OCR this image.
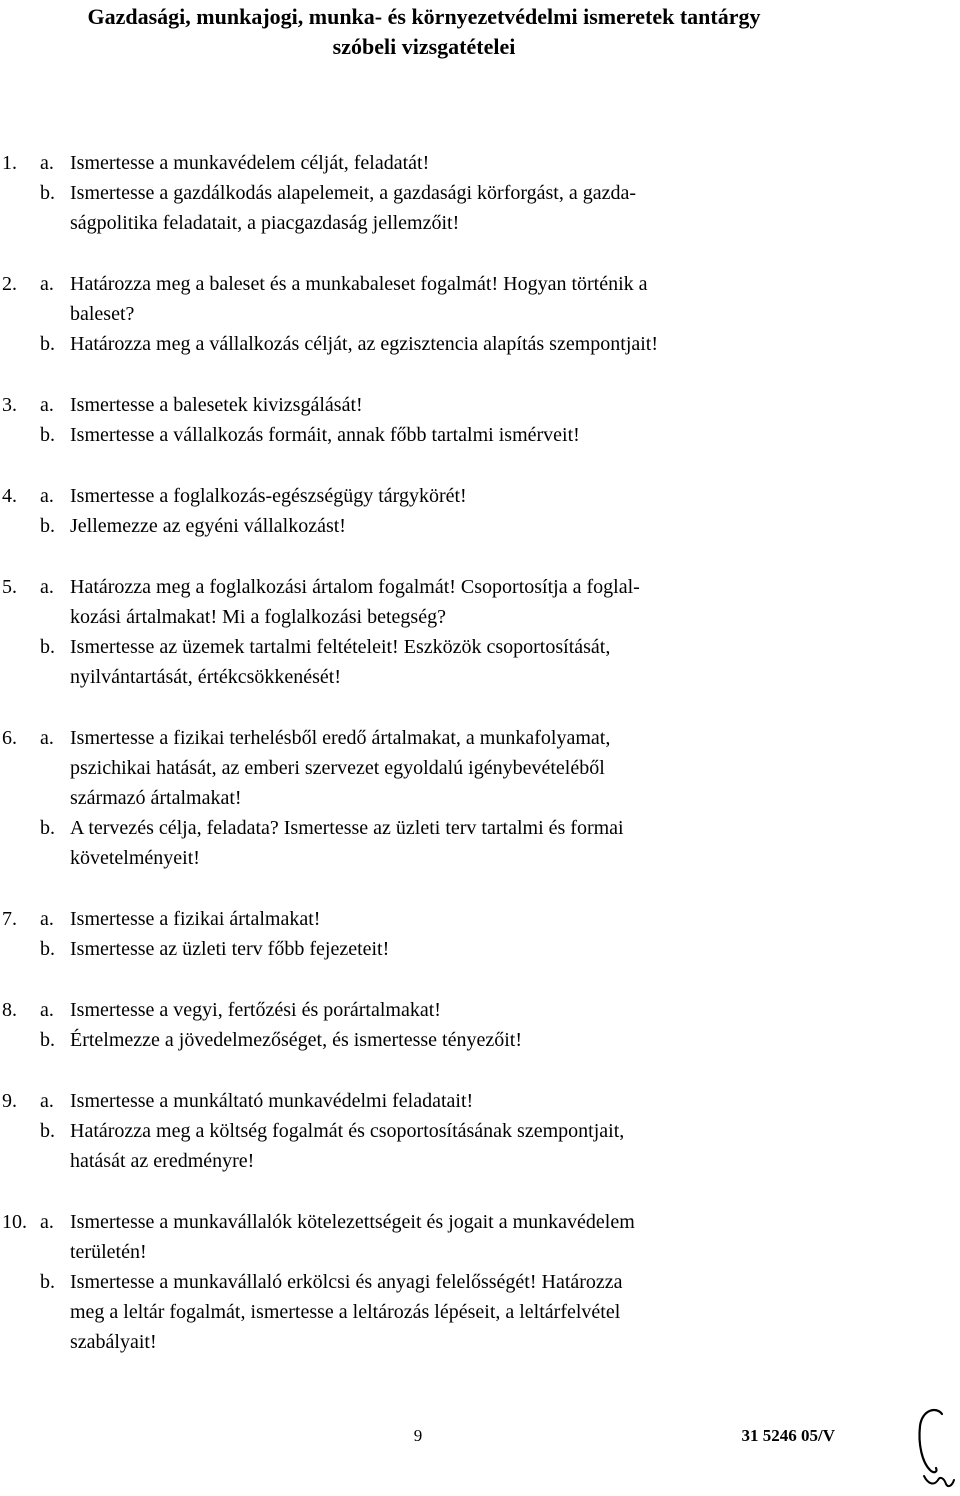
Gazdasági, munkajogi, munka- és környezetvédelmi ismeretek tantárgy
szóbeli vizsgatételei
1. a. Ismertesse a munkavédelem célját, feladatát!
b. Ismertesse a gazdálkodás alapelemeit, a gazdasági körforgást, a gazda-
ságpolitika feladatait, a piacgazdaság jellemzőit!
2. a. Határozza meg a baleset és a munkabaleset fogalmát! Hogyan történik a
baleset?
b. Határozza meg a vállalkozás célját, az egzisztencia alapítás szempontjait!
3. a. Ismertesse a balesetek kivizsgálását!
b. Ismertesse a vállalkozás formáit, annak főbb tartalmi ismérveit!
4. a. Ismertesse a foglalkozás-egészségügy tárgykörét!
b. Jellemezze az egyéni vállalkozást!
5. a. Határozza meg a foglalkozási ártalom fogalmát! Csoportosítja a foglal-
kozási ártalmakat! Mi a foglalkozási betegség?
b. Ismertesse az üzemek tartalmi feltételeit! Eszközök csoportosítását,
nyilvántartását, értékcsökkenését!
6. a. Ismertesse a fizikai terhelésből eredő ártalmakat, a munkafolyamat,
pszichikai hatását, az emberi szervezet egyoldalú igénybevételéből
származó ártalmakat!
b. A tervezés célja, feladata? Ismertesse az üzleti terv tartalmi és formai
követelményeit!
7. a. Ismertesse a fizikai ártalmakat!
b. Ismertesse az üzleti terv főbb fejezeteit!
8. a. Ismertesse a vegyi, fertőzési és porártalmakat!
b. Értelmezze a jövedelmezőséget, és ismertesse tényezőit!
9. a. Ismertesse a munkáltató munkavédelmi feladatait!
b. Határozza meg a költség fogalmát és csoportosításának szempontjait,
hatását az eredményre!
10. a. Ismertesse a munkavállalók kötelezettségeit és jogait a munkavédelem
területén!
b. Ismertesse a munkavállaló erkölcsi és anyagi felelősségét! Határozza
meg a leltár fogalmát, ismertesse a leltározás lépéseit, a leltárfelvétel
szabályait!
9	31 5246 05/V
